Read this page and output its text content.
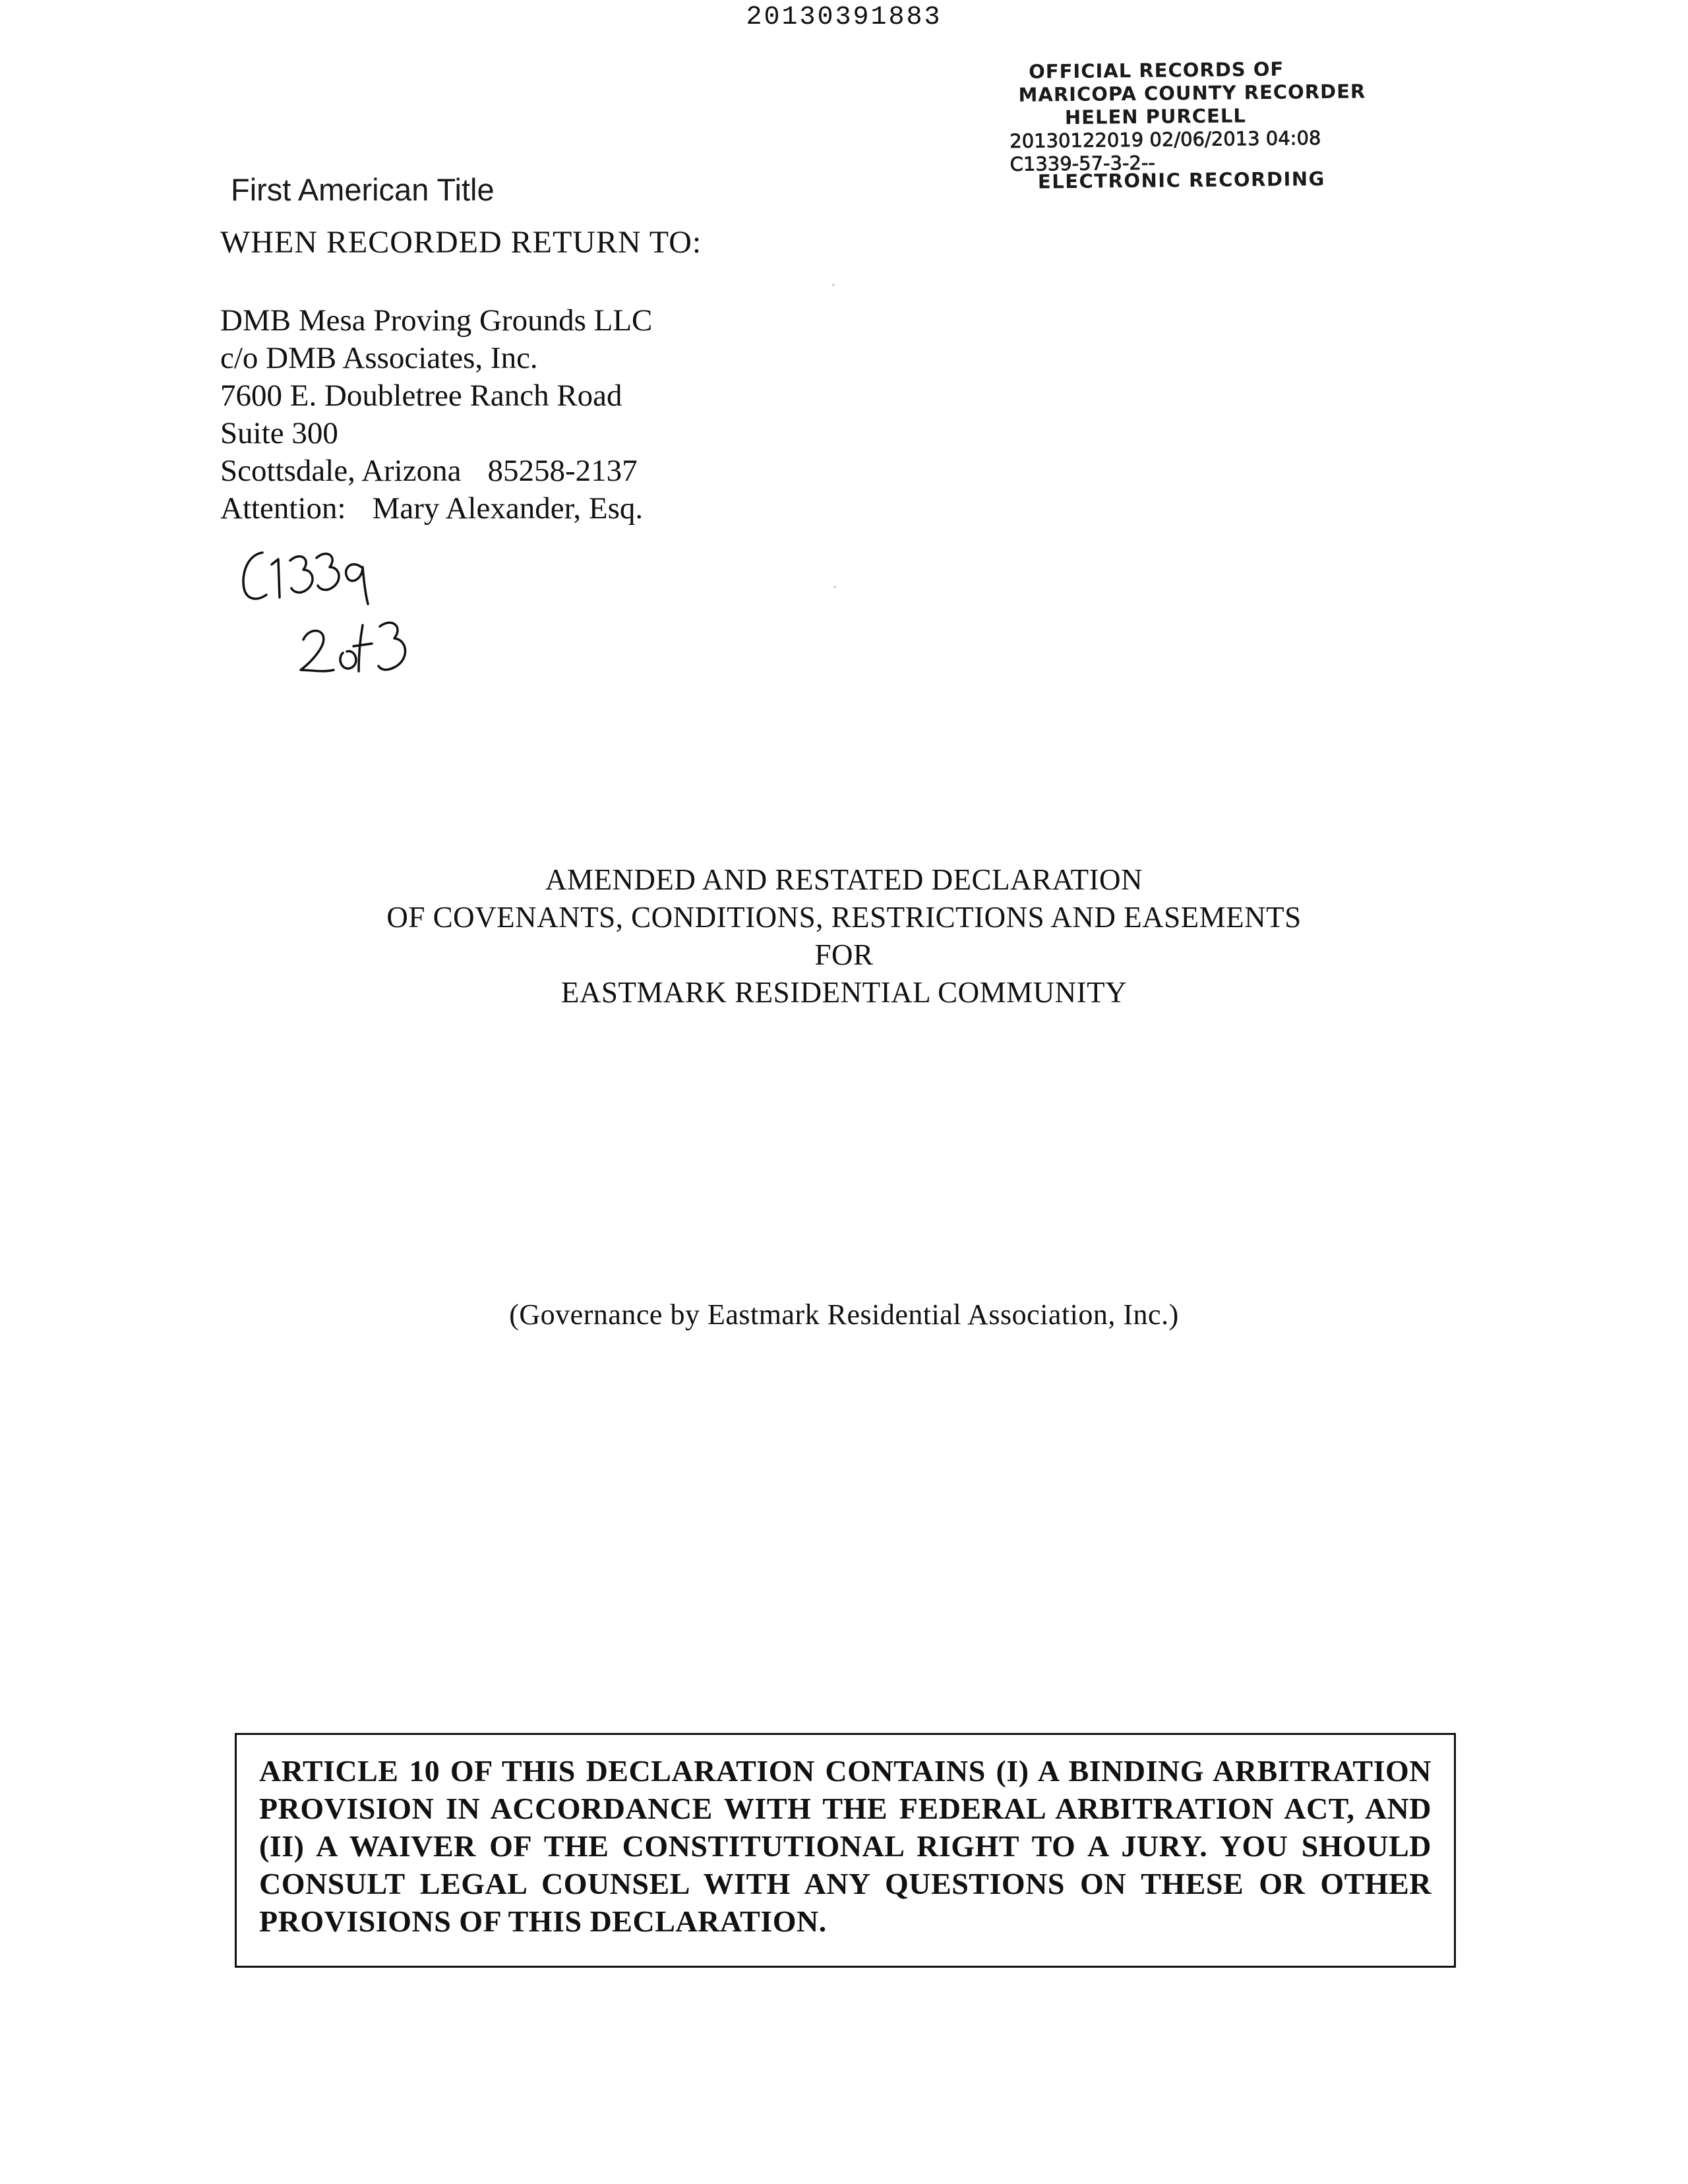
20130391883
OFFICIAL RECORDS OF
MARICOPA COUNTY RECORDER
HELEN PURCELL
20130122019 02/06/2013 04:08
C1339-57-3-2--
ELECTRONIC RECORDING
First American Title
WHEN RECORDED RETURN TO:
DMB Mesa Proving Grounds LLC
c/o DMB Associates, Inc.
7600 E. Doubletree Ranch Road
Suite 300
Scottsdale, Arizona 85258-2137
Attention: Mary Alexander, Esq.
AMENDED AND RESTATED DECLARATION
OF COVENANTS, CONDITIONS, RESTRICTIONS AND EASEMENTS
FOR
EASTMARK RESIDENTIAL COMMUNITY
(Governance by Eastmark Residential Association, Inc.)
ARTICLE 10 OF THIS DECLARATION CONTAINS (I) A BINDING ARBITRATION PROVISION IN ACCORDANCE WITH THE FEDERAL ARBITRATION ACT, AND (II) A WAIVER OF THE CONSTITUTIONAL RIGHT TO A JURY. YOU SHOULD CONSULT LEGAL COUNSEL WITH ANY QUESTIONS ON THESE OR OTHER PROVISIONS OF THIS DECLARATION.
